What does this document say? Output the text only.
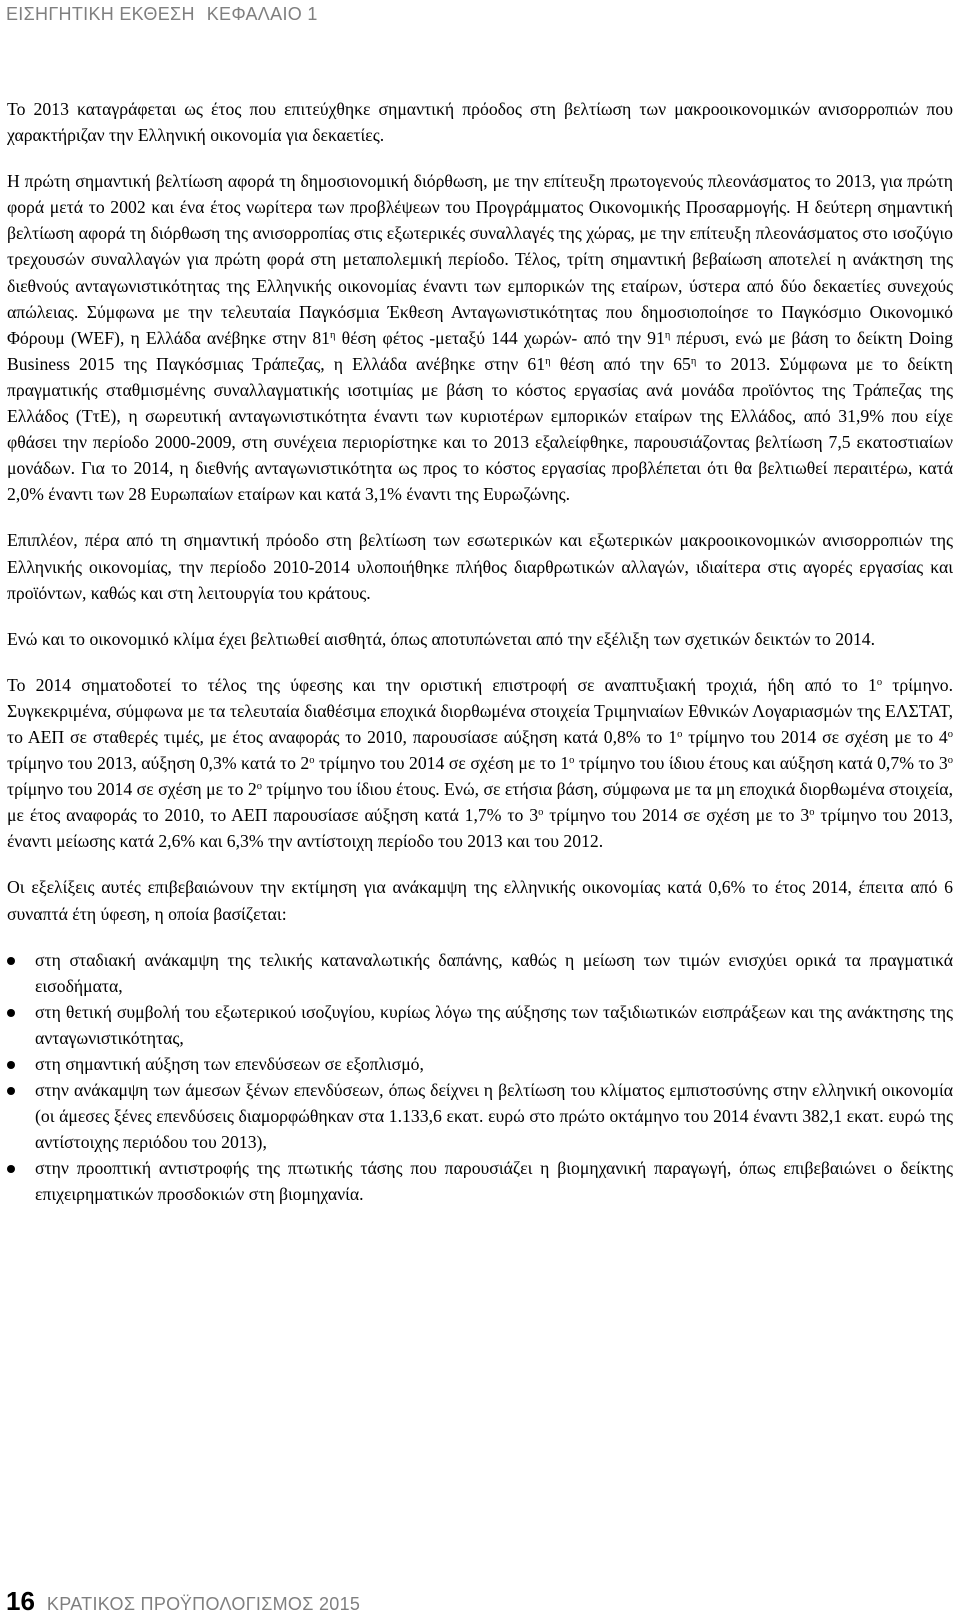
ΕΙΣΗΓΗΤΙΚΗ ΕΚΘΕΣΗ ΚΕΦΑΛΑΙΟ 1

Το 2013 καταγράφεται ως έτος που επιτεύχθηκε σημαντική πρόοδος στη βελτίωση των μακροοικονομικών ανισορροπιών που χαρακτήριζαν την Ελληνική οικονομία για δεκαετίες.

Η πρώτη σημαντική βελτίωση αφορά τη δημοσιονομική διόρθωση, με την επίτευξη πρωτογενούς πλεονάσματος το 2013, για πρώτη φορά μετά το 2002 και ένα έτος νωρίτερα των προβλέψεων του Προγράμματος Οικονομικής Προσαρμογής. Η δεύτερη σημαντική βελτίωση αφορά τη διόρθωση της ανισορροπίας στις εξωτερικές συναλλαγές της χώρας, με την επίτευξη πλεονάσματος στο ισοζύγιο τρεχουσών συναλλαγών για πρώτη φορά στη μεταπολεμική περίοδο. Τέλος, τρίτη σημαντική βεβαίωση αποτελεί η ανάκτηση της διεθνούς ανταγωνιστικότητας της Ελληνικής οικονομίας έναντι των εμπορικών της εταίρων, ύστερα από δύο δεκαετίες συνεχούς απώλειας. Σύμφωνα με την τελευταία Παγκόσμια Έκθεση Ανταγωνιστικότητας που δημοσιοποίησε το Παγκόσμιο Οικονομικό Φόρουμ (WEF), η Ελλάδα ανέβηκε στην $81^\eta$ θέση φέτος -μεταξύ 144 χωρών- από την $91^\eta$ πέρυσι, ενώ με βάση το δείκτη Doing Business 2015 της Παγκόσμιας Τράπεζας, η Ελλάδα ανέβηκε στην $61^\eta$ θέση από την $65^\eta$ το 2013. Σύμφωνα με το δείκτη πραγματικής σταθμισμένης συναλλαγματικής ισοτιμίας με βάση το κόστος εργασίας ανά μονάδα προϊόντος της Τράπεζας της Ελλάδος (ΤτΕ), η σωρευτική ανταγωνιστικότητα έναντι των κυριοτέρων εμπορικών εταίρων της Ελλάδος, από 31,9% που είχε φθάσει την περίοδο 2000-2009, στη συνέχεια περιορίστηκε και το 2013 εξαλείφθηκε, παρουσιάζοντας βελτίωση 7,5 εκατοστιαίων μονάδων. Για το 2014, η διεθνής ανταγωνιστικότητα ως προς το κόστος εργασίας προβλέπεται ότι θα βελτιωθεί περαιτέρω, κατά 2,0% έναντι των 28 Ευρωπαίων εταίρων και κατά 3,1% έναντι της Ευρωζώνης.

Επιπλέον, πέρα από τη σημαντική πρόοδο στη βελτίωση των εσωτερικών και εξωτερικών μακροοικονομικών ανισορροπιών της Ελληνικής οικονομίας, την περίοδο 2010-2014 υλοποιήθηκε πλήθος διαρθρωτικών αλλαγών, ιδιαίτερα στις αγορές εργασίας και προϊόντων, καθώς και στη λειτουργία του κράτους.

Ενώ και το οικονομικό κλίμα έχει βελτιωθεί αισθητά, όπως αποτυπώνεται από την εξέλιξη των σχετικών δεικτών το 2014.

Το 2014 σηματοδοτεί το τέλος της ύφεσης και την οριστική επιστροφή σε αναπτυξιακή τροχιά, ήδη από το $1^o$ τρίμηνο. Συγκεκριμένα, σύμφωνα με τα τελευταία διαθέσιμα εποχικά διορθωμένα στοιχεία Τριμηνιαίων Εθνικών Λογαριασμών της ΕΛΣΤΑΤ, το ΑΕΠ σε σταθερές τιμές, με έτος αναφοράς το 2010, παρουσίασε αύξηση κατά 0,8% το $1^o$ τρίμηνο του 2014 σε σχέση με το $4^o$ τρίμηνο του 2013, αύξηση 0,3% κατά το $2^o$ τρίμηνο του 2014 σε σχέση με το $1^o$ τρίμηνο του ίδιου έτους και αύξηση κατά 0,7% το $3^o$ τρίμηνο του 2014 σε σχέση με το $2^o$ τρίμηνο του ίδιου έτους. Ενώ, σε ετήσια βάση, σύμφωνα με τα μη εποχικά διορθωμένα στοιχεία, με έτος αναφοράς το 2010, το ΑΕΠ παρουσίασε αύξηση κατά 1,7% το $3^o$ τρίμηνο του 2014 σε σχέση με το $3^o$ τρίμηνο του 2013, έναντι μείωσης κατά 2,6% και 6,3% την αντίστοιχη περίοδο του 2013 και του 2012.

Οι εξελίξεις αυτές επιβεβαιώνουν την εκτίμηση για ανάκαμψη της ελληνικής οικονομίας κατά 0,6% το έτος 2014, έπειτα από 6 συναπτά έτη ύφεση, η οποία βασίζεται:

στη σταδιακή ανάκαμψη της τελικής καταναλωτικής δαπάνης, καθώς η μείωση των τιμών ενισχύει ορικά τα πραγματικά εισοδήματα,
στη θετική συμβολή του εξωτερικού ισοζυγίου, κυρίως λόγω της αύξησης των ταξιδιωτικών εισπράξεων και της ανάκτησης της ανταγωνιστικότητας,
στη σημαντική αύξηση των επενδύσεων σε εξοπλισμό,
στην ανάκαμψη των άμεσων ξένων επενδύσεων, όπως δείχνει η βελτίωση του κλίματος εμπιστοσύνης στην ελληνική οικονομία (οι άμεσες ξένες επενδύσεις διαμορφώθηκαν στα 1.133,6 εκατ. ευρώ στο πρώτο οκτάμηνο του 2014 έναντι 382,1 εκατ. ευρώ της αντίστοιχης περιόδου του 2013),
στην προοπτική αντιστροφής της πτωτικής τάσης που παρουσιάζει η βιομηχανική παραγωγή, όπως επιβεβαιώνει ο δείκτης επιχειρηματικών προσδοκιών στη βιομηχανία.
16 ΚΡΑΤΙΚΟΣ ΠΡΟΫΠΟΛΟΓΙΣΜΟΣ 2015
